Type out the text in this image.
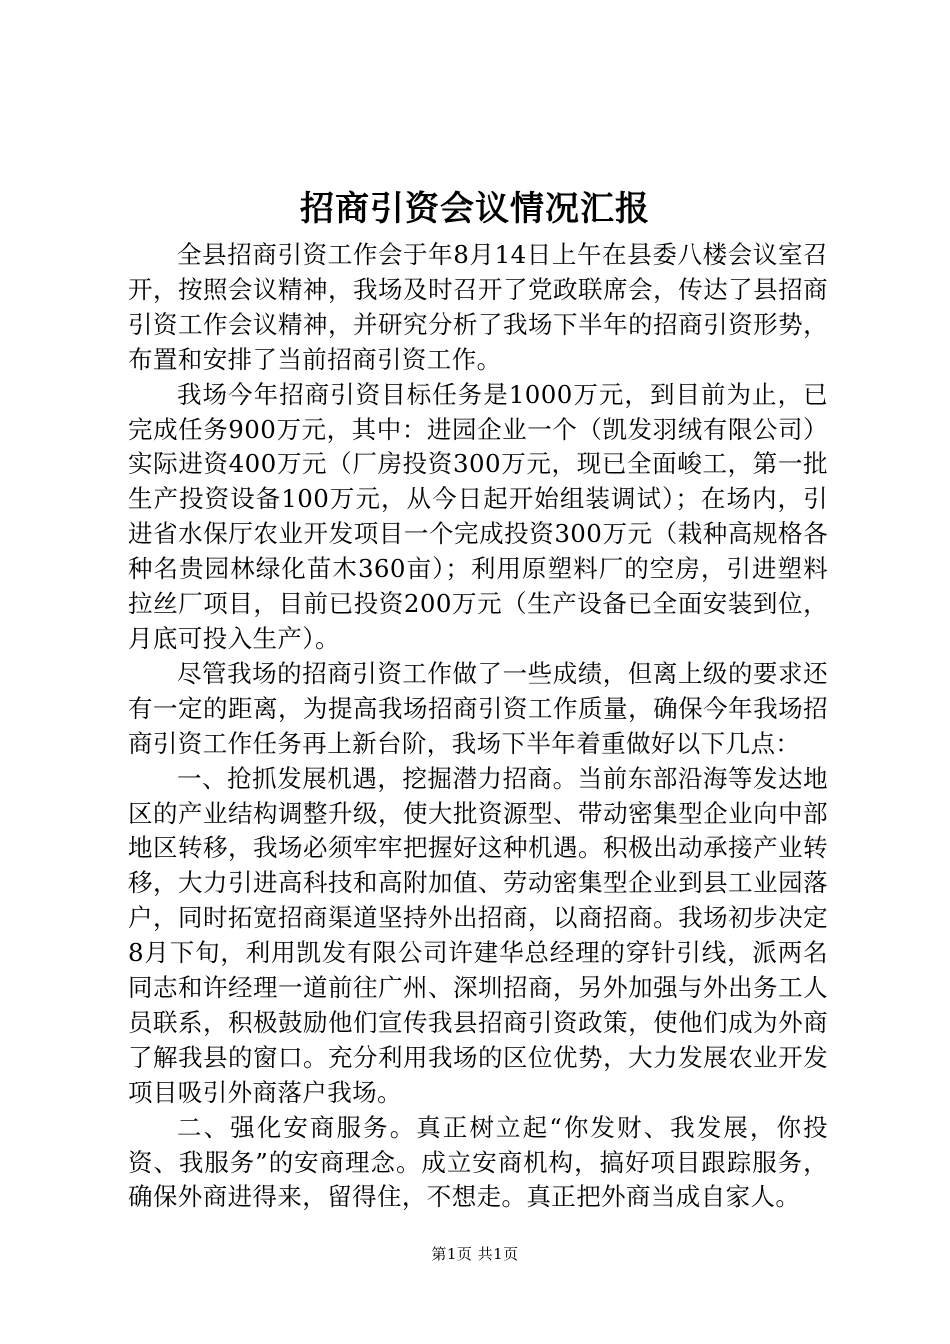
招商引资会议情况汇报

全县招商引资工作会于年8月14日上午在县委八楼会议室召开，按照会议精神，我场及时召开了党政联席会，传达了县招商引资工作会议精神，并研究分析了我场下半年的招商引资形势，布置和安排了当前招商引资工作。

我场今年招商引资目标任务是1000万元，到目前为止，已完成任务900万元，其中：进园企业一个（凯发羽绒有限公司）实际进资400万元（厂房投资300万元，现已全面峻工，第一批生产投资设备100万元，从今日起开始组装调试）；在场内，引进省水保厅农业开发项目一个完成投资300万元（栽种高规格各种名贵园林绿化苗木360亩）；利用原塑料厂的空房，引进塑料拉丝厂项目，目前已投资200万元（生产设备已全面安装到位，月底可投入生产）。

尽管我场的招商引资工作做了一些成绩，但离上级的要求还有一定的距离，为提高我场招商引资工作质量，确保今年我场招商引资工作任务再上新台阶，我场下半年着重做好以下几点：

一、抢抓发展机遇，挖掘潜力招商。当前东部沿海等发达地区的产业结构调整升级，使大批资源型、带动密集型企业向中部地区转移，我场必须牢牢把握好这种机遇。积极出动承接产业转移，大力引进高科技和高附加值、劳动密集型企业到县工业园落户，同时拓宽招商渠道坚持外出招商，以商招商。我场初步决定8月下旬，利用凯发有限公司许建华总经理的穿针引线，派两名同志和许经理一道前往广州、深圳招商，另外加强与外出务工人员联系，积极鼓励他们宣传我县招商引资政策，使他们成为外商了解我县的窗口。充分利用我场的区位优势，大力发展农业开发项目吸引外商落户我场。

二、强化安商服务。真正树立起“你发财、我发展，你投资、我服务”的安商理念。成立安商机构，搞好项目跟踪服务，确保外商进得来，留得住，不想走。真正把外商当成自家人。

第1页 共1页
